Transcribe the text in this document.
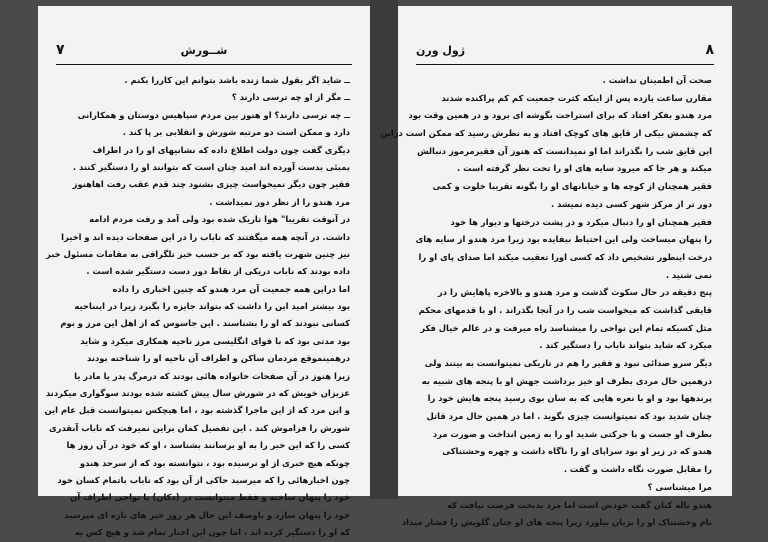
٧	شــورش
ــ شاید اگر بقول شما زنده باشد بتوانم این کاررا بکنم .
ــ مگر از او چه ترسی دارند ؟
ــ چه ترسی دارند؟ او هنوز بین مردم سپاهیس دوستان و همکارانی
دارد و ممکن است دو مرتبه شورش و انقلابی بر پا کند .
دیگری گفت چون دولت اطلاع داده که نشانیهای او را در اطراف
بمبئی بدست آورده اند امید چنان است که بتوانند او را دستگیر کنند .
فقیر چون دیگر نمیخواست چیزی بشنود چند قدم عقب رفت اهاهنوز
مرد هندو را از نظر دور نمیداشت .
در آنوقت تقریبا" هوا تاریک شده بود ولی آمد و رفت مردم ادامه
داشت. در آنچه همه میگفتند که ناباب را در این صفحات دیده اند و اخیرا
نیز چنین شهرت یافته بود که بر حسب خبر تلگرافی به مقامات مسئول خبر
داده بودند که ناباب دریکی از نقاط دور دست دستگیر شده است .
اما دراین همه جمعیت آن مرد هندو که چنین اخباری را داده
بود بیشتر امید این را داشت که بتواند جایزه را بگیرد زیرا در اینناحیه
کسانی نبودند که او را بشناسند . این جاسوس که از اهل این مرز و بوم
بود مدتی بود که با قوای انگلیسی مرز ناحیه همکاری میکرد و شاید
درهمینموقع مردمان ساکن و اطراف آن ناحیه او را شناخته بودند
زیرا هنوز در آن صفحات خانواده هائی بودند که درمرگ پدر یا مادر یا
عزیزان خویش که در شورش سال پیش کشته شده بودند سوگواری میکردند
و این مرد که از این ماجرا گذشته بود ، اما هیچکس نمیتوانست قبل عام این
شورش را فراموش کند . این تفصیل کمان براین نمیرفت که ناباب آنقدری
کسی را که این خبر را به او برسانند بشناسد ، او که خود در آن روز ها
چونکه هیچ خبری از او نرسیده بود ، نتوانسته بود که از سرحد هندو
چون اخبارهائی را که میرسید حاکی از آن بود که ناباب باتمام کسان خود
خود را پنهان ساخته و فقط میتوانست در (دکان) یا نواحی اطراف آن
خود را پنهان سازد و باوصف این حال هر روز خبر های تازه ای میرسید
که او را دستگیر کرده اند ، اما چون این اخبار تمام شد و هیچ کس به
٨
ژول ورن
صحت آن اطمینان نداشت .
مقارن ساعت یازده پس از اینکه کثرت جمعیت کم کم پراکنده شدند
مرد هندو بفکر افتاد که برای استراحت بگوشه ای برود و در همین وقت بود
که چشمش بیکی از قایق های کوچک افتاد و به نظرش رسید که ممکن است دراین
این قایق شب را بگذراند اما او نمیدانست که هنوز آن فقیرمرموز دنبالش
میکند و هر جا که میرود سایه های او را تحت نظر گرفته است .
فقیر همچنان از کوچه ها و خیابانهای او را بگونه تقریبا خلوت و کمی
دور تر از مرکز شهر کسی دیده نمیشد .
فقیر همچنان او را دنبال میکرد و در پشت درختها و دیوار ها خود
را پنهان میساخت ولی این احتیاط بیفایده بود زیرا مرد هندو از سایه های
درخت اینطور تشخیص داد که کسی اورا تعقیب میکند اما صدای پای او را
نمی شنید .
پنج دقیقه در حال سکوت گذشت و مرد هندو و بالاخره پاهایش را در
قایقی گذاشت که میخواست شب را در آنجا بگذراند . او با قدمهای محکم
مثل کسیکه تمام این نواحی را میشناسد راه میرفت و در عالم خیال فکر
میکرد که شاید بتواند ناباب را دستگیر کند .
دیگر سرو صدائی نبود و فقیر را هم در تاریکی نمیتوانست به بینند ولی
درهمین حال مردی بطرف او خیز برداشت جهش او با پنجه های شبیه به
پرندهها بود و او با نعره هایی که به سان بوی رسید پنجه هایش خود را
چنان شدید بود که نمیتوانست چیزی بگوید . اما در همین حال مرد قاتل
بطرف او جست و با حرکتی شدید او را به زمین انداخت و صورت مرد
هندو که در زیر او بود سراپای او را ناگاه داشت و چهره وحشتناکی
را مقابل صورت نگاه داشت و گفت .
مرا میشناسی ؟
هندو ناله کنان گفت خودش است اما مرد بدبخت فرصت نیافت که
نام وحشتناک او را بزبان بیاورد زیرا پنجه های او چنان گلویش را فشار میداد
